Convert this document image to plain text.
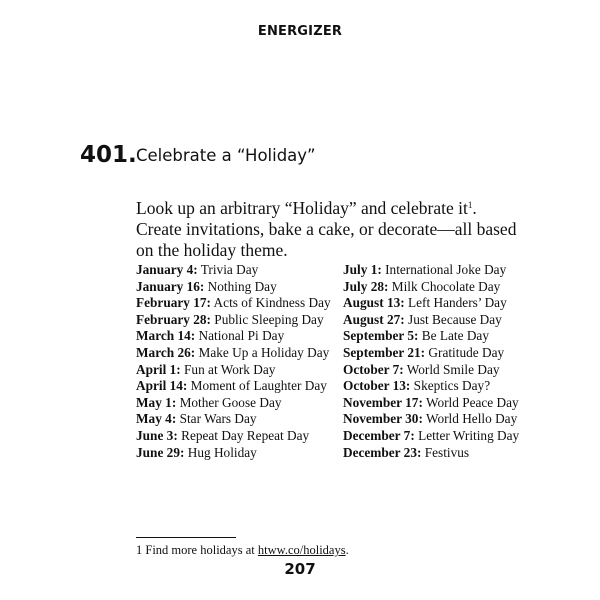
ENERGIZER
401. Celebrate a “Holiday”

Look up an arbitrary “Holiday” and celebrate $it^1$. Create invitations, bake a cake, or decorate—all based on the holiday theme.

January 4: Trivia Day
January 16: Nothing Day
February 17: Acts of Kindness Day
February 28: Public Sleeping Day
March 14: National Pi Day
March 26: Make Up a Holiday Day
April 1: Fun at Work Day
April 14: Moment of Laughter Day
May 1: Mother Goose Day
May 4: Star Wars Day
June 3: Repeat Day Repeat Day
June 29: Hug Holiday
July 1: International Joke Day
July 28: Milk Chocolate Day
August 13: Left Handers’ Day
August 27: Just Because Day
September 5: Be Late Day
September 21: Gratitude Day
October 7: World Smile Day
October 13: Skeptics Day?
November 17: World Peace Day
November 30: World Hello Day
December 7: Letter Writing Day
December 23: Festivus
1 Find more holidays at htww.co/holidays.
207
